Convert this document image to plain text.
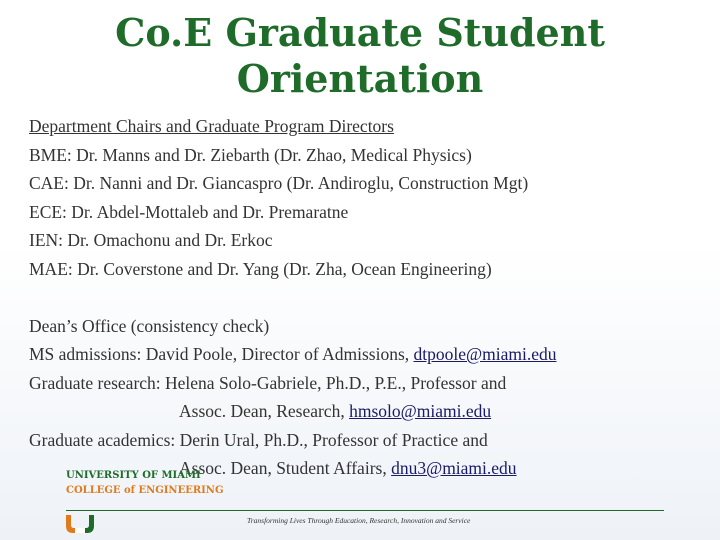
Co.E Graduate Student
Orientation
Department Chairs and Graduate Program Directors
BME: Dr. Manns and Dr. Ziebarth (Dr. Zhao, Medical Physics)
CAE: Dr. Nanni and Dr. Giancaspro (Dr. Andiroglu, Construction Mgt)
ECE: Dr. Abdel-Mottaleb and Dr. Premaratne
IEN: Dr. Omachonu and Dr. Erkoc
MAE: Dr. Coverstone and Dr. Yang (Dr. Zha, Ocean Engineering)
Dean’s Office (consistency check)
MS admissions: David Poole, Director of Admissions, dtpoole@miami.edu
Graduate research: Helena Solo-Gabriele, Ph.D., P.E., Professor and
Assoc. Dean, Research, hmsolo@miami.edu
Graduate academics: Derin Ural, Ph.D., Professor of Practice and
Assoc. Dean, Student Affairs, dnu3@miami.edu
UNIVERSITY OF MIAMI
COLLEGE of ENGINEERING
Transforming Lives Through Education, Research, Innovation and Service
